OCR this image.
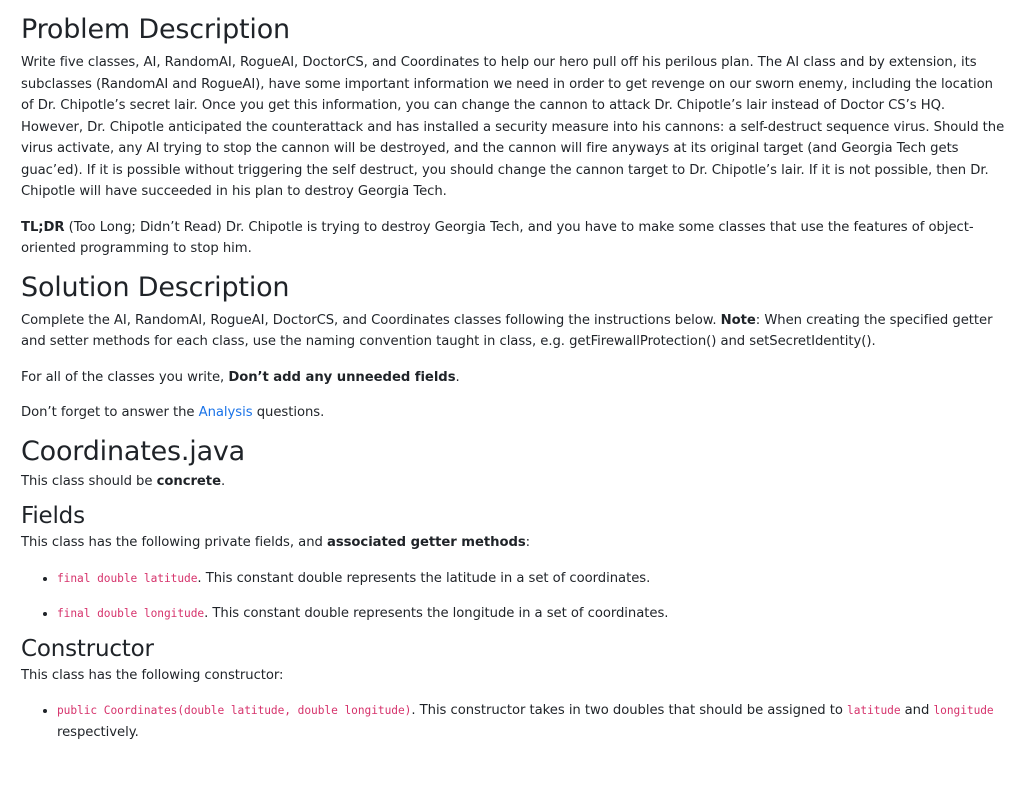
Problem Description

Write five classes, AI, RandomAI, RogueAI, DoctorCS, and Coordinates to help our hero pull off his perilous plan. The AI class and by extension, its subclasses (RandomAI and RogueAI), have some important information we need in order to get revenge on our sworn enemy, including the location of Dr. Chipotle’s secret lair. Once you get this information, you can change the cannon to attack Dr. Chipotle’s lair instead of Doctor CS’s HQ. However, Dr. Chipotle anticipated the counterattack and has installed a security measure into his cannons: a self-destruct sequence virus. Should the virus activate, any AI trying to stop the cannon will be destroyed, and the cannon will fire anyways at its original target (and Georgia Tech gets guac’ed). If it is possible without triggering the self destruct, you should change the cannon target to Dr. Chipotle’s lair. If it is not possible, then Dr. Chipotle will have succeeded in his plan to destroy Georgia Tech.

TL;DR (Too Long; Didn’t Read) Dr. Chipotle is trying to destroy Georgia Tech, and you have to make some classes that use the features of object-oriented programming to stop him.

Solution Description

Complete the AI, RandomAI, RogueAI, DoctorCS, and Coordinates classes following the instructions below. Note: When creating the specified getter and setter methods for each class, use the naming convention taught in class, e.g. getFirewallProtection() and setSecretIdentity().

For all of the classes you write, Don’t add any unneeded fields.

Don’t forget to answer the Analysis questions.

Coordinates.java

This class should be concrete.

Fields

This class has the following private fields, and associated getter methods:

• final double latitude. This constant double represents the latitude in a set of coordinates.
• final double longitude. This constant double represents the longitude in a set of coordinates.
Constructor

This class has the following constructor:

• public Coordinates(double latitude, double longitude). This constructor takes in two doubles that should be assigned to latitude and longitude respectively.
